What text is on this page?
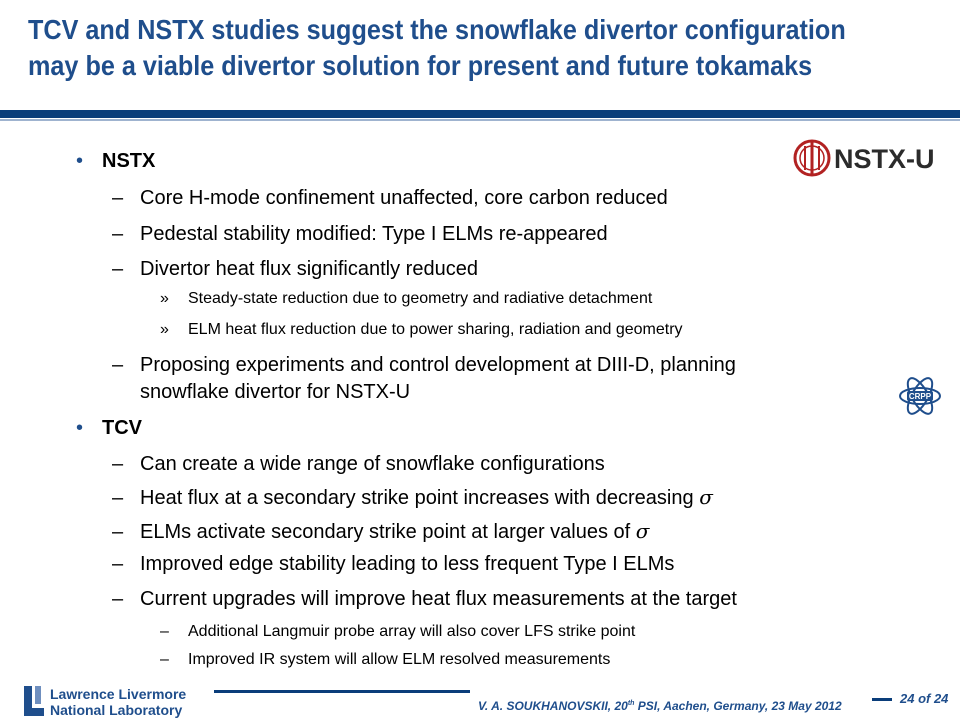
TCV and NSTX studies suggest the snowflake divertor configuration
may be a viable divertor solution for present and future tokamaks
NSTX-U
CRPP
• NSTX
– Core H-mode confinement unaffected, core carbon reduced
– Pedestal stability modified: Type I ELMs re-appeared
– Divertor heat flux significantly reduced
» Steady-state reduction due to geometry and radiative detachment
» ELM heat flux reduction due to power sharing, radiation and geometry
– Proposing experiments and control development at DIII-D, planning
snowflake divertor for NSTX-U
• TCV
– Can create a wide range of snowflake configurations
– Heat flux at a secondary strike point increases with decreasing σ
– ELMs activate secondary strike point at larger values of σ
– Improved edge stability leading to less frequent Type I ELMs
– Current upgrades will improve heat flux measurements at the target
– Additional Langmuir probe array will also cover LFS strike point
– Improved IR system will allow ELM resolved measurements
Lawrence Livermore
National Laboratory	V. A. SOUKHANOVSKII, 20th PSI, Aachen, Germany, 23 May 2012	24 of 24
